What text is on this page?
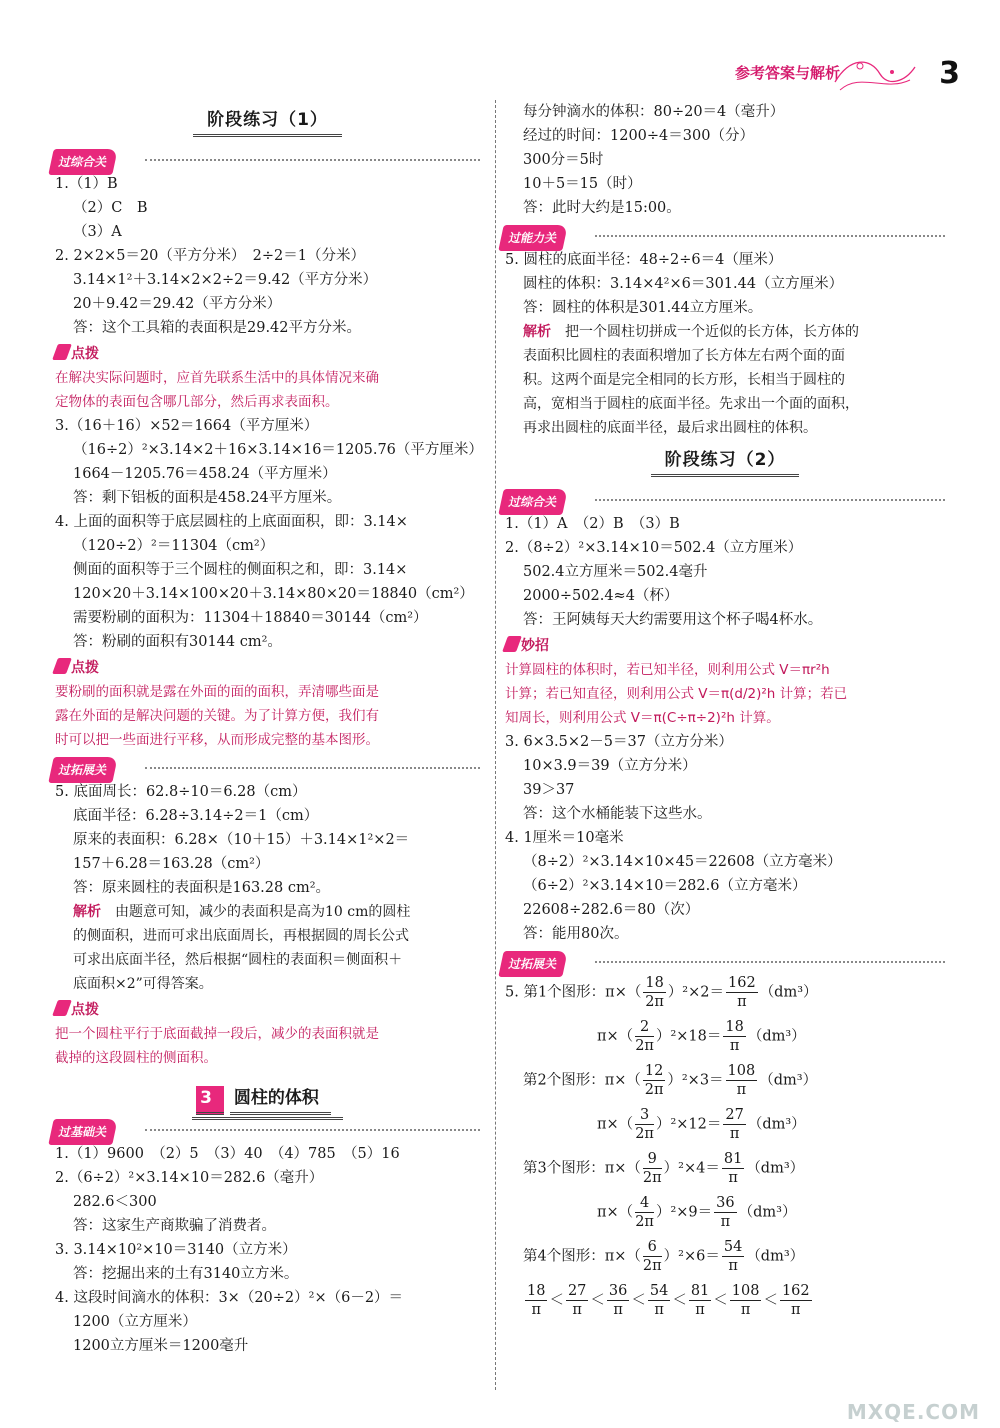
参考答案与解析	3
阶段练习（1）
过综合关
1.（1）B
（2）C　B
（3）A
2. 2×2×5＝20（平方分米）　2÷2＝1（分米）
3.14×1²＋3.14×2×2÷2＝9.42（平方分米）
20＋9.42＝29.42（平方分米）
答：这个工具箱的表面积是29.42平方分米。
点拨
在解决实际问题时，应首先联系生活中的具体情况来确
定物体的表面包含哪几部分，然后再求表面积。
3.（16＋16）×52＝1664（平方厘米）
（16÷2）²×3.14×2＋16×3.14×16＝1205.76（平方厘米）
1664－1205.76＝458.24（平方厘米）
答：剩下铝板的面积是458.24平方厘米。
4. 上面的面积等于底层圆柱的上底面面积，即：3.14×
（120÷2）²＝11304（cm²）
侧面的面积等于三个圆柱的侧面积之和，即：3.14×
120×20＋3.14×100×20＋3.14×80×20＝18840（cm²）
需要粉刷的面积为：11304＋18840＝30144（cm²）
答：粉刷的面积有30144 cm²。
点拨
要粉刷的面积就是露在外面的面的面积，弄清哪些面是
露在外面的是解决问题的关键。为了计算方便，我们有
时可以把一些面进行平移，从而形成完整的基本图形。
过拓展关
5. 底面周长：62.8÷10＝6.28（cm）
底面半径：6.28÷3.14÷2＝1（cm）
原来的表面积：6.28×（10＋15）＋3.14×1²×2＝
157＋6.28＝163.28（cm²）
答：原来圆柱的表面积是163.28 cm²。
解析　 由题意可知，减少的表面积是高为10 cm的圆柱
的侧面积，进而可求出底面周长，再根据圆的周长公式
可求出底面半径，然后根据“圆柱的表面积＝侧面积＋
底面积×2”可得答案。
点拨
把一个圆柱平行于底面截掉一段后，减少的表面积就是
截掉的这段圆柱的侧面积。
3 圆柱的体积
过基础关
1.（1）9600　（2）5　（3）40　（4）785　（5）16
2.（6÷2）²×3.14×10＝282.6（毫升）
282.6＜300
答：这家生产商欺骗了消费者。
3. 3.14×10²×10＝3140（立方米）
答：挖掘出来的土有3140立方米。
4. 这段时间滴水的体积：3×（20÷2）²×（6－2）＝
1200（立方厘米）
1200立方厘米＝1200毫升
每分钟滴水的体积：80÷20＝4（毫升）
经过的时间：1200÷4＝300（分）
300分＝5时
10＋5＝15（时）
答：此时大约是15:00。
过能力关
5. 圆柱的底面半径：48÷2÷6＝4（厘米）
圆柱的体积：3.14×4²×6＝301.44（立方厘米）
答：圆柱的体积是301.44立方厘米。
解析　 把一个圆柱切拼成一个近似的长方体，长方体的
表面积比圆柱的表面积增加了长方体左右两个面的面
积。这两个面是完全相同的长方形，长相当于圆柱的
高，宽相当于圆柱的底面半径。先求出一个面的面积，
再求出圆柱的底面半径，最后求出圆柱的体积。
阶段练习（2）
过综合关
1.（1）A　（2）B　（3）B
2.（8÷2）²×3.14×10＝502.4（立方厘米）
502.4立方厘米＝502.4毫升
2000÷502.4≈4（杯）
答：王阿姨每天大约需要用这个杯子喝4杯水。
妙招
计算圆柱的体积时，若已知半径，则利用公式 V＝πr²h
计算；若已知直径，则利用公式 V＝π(d/2)²h 计算；若已
知周长，则利用公式 V＝π(C÷π÷2)²h 计算。
3. 6×3.5×2－5＝37（立方分米）
10×3.9＝39（立方分米）
39＞37
答：这个水桶能装下这些水。
4. 1厘米＝10毫米
（8÷2）²×3.14×10×45＝22608（立方毫米）
（6÷2）²×3.14×10＝282.6（立方毫米）
22608÷282.6＝80（次）
答：能用80次。
过拓展关
5. 第1个图形：$\pi\times( \frac{18}{2\pi} )^2\times 2= \frac{162}{\pi} (dm^3)$
$\pi\times( \frac{2}{2\pi} )^2\times 18= \frac{18}{\pi} (dm^3)$
第2个图形：$\pi\times( \frac{12}{2\pi} )^2\times 3= \frac{108}{\pi} (dm^3)$
$\pi\times( \frac{3}{2\pi} )^2\times 12= \frac{27}{\pi} (dm^3)$
第3个图形：$\pi\times( \frac{9}{2\pi} )^2\times 4= \frac{81}{\pi} (dm^3)$
$\pi\times( \frac{4}{2\pi} )^2\times 9= \frac{36}{\pi} (dm^3)$
第4个图形：$\pi\times( \frac{6}{2\pi} )^2\times 6= \frac{54}{\pi} (dm^3)$
$\frac{18}{\pi} < \frac{27}{\pi} < \frac{36}{\pi} < \frac{54}{\pi} < \frac{81}{\pi} < \frac{108}{\pi} < \frac{162}{\pi}$
MXQE.COM
